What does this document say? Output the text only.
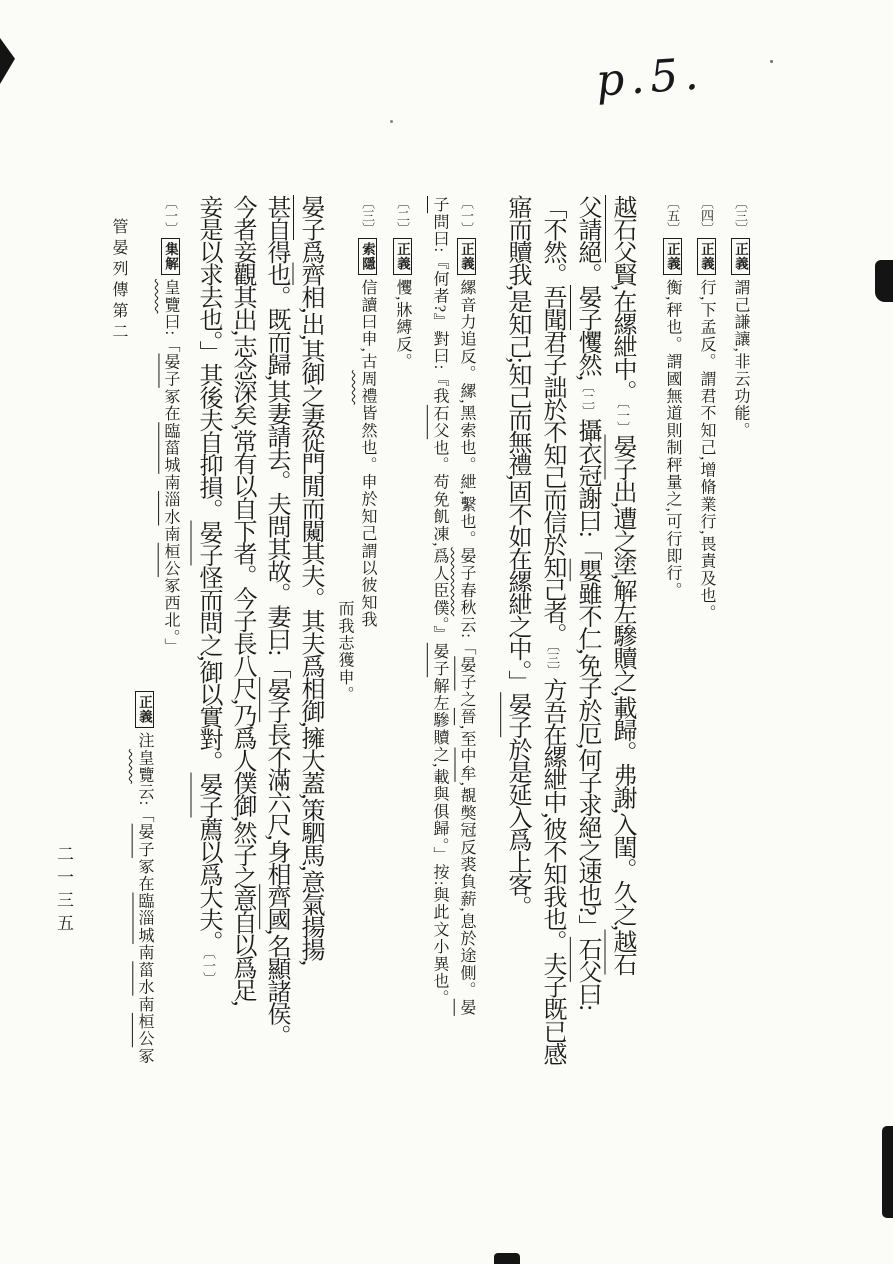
p.5.
〔三〕正義謂己謙讓,非云功能。
〔四〕正義行,下孟反。謂君不知己,增脩業行,畏責及也。
〔五〕正義衡,秤也。謂國無道則制秤量之,可行即行。
越石父賢,在縲紲中。〔一〕晏子出,遭之塗,解左驂贖之,載歸。弗謝,入閨。久之,越石
父請絕。晏子戄然,〔二〕攝衣冠謝曰:「嬰雖不仁,免子於厄,何子求絕之速也?」石父曰:
「不然。吾聞君子詘於不知己而信於知己者。〔三〕方吾在縲紲中,彼不知我也。夫子既已感
寤而贖我,是知己;知己而無禮,固不如在縲紲之中。」晏子於是延入爲上客。
〔一〕正義縲音力追反。縲,黑索也。紲,繫也。晏子春秋云:「晏子之晉,至中牟,覩獘冠反裘負薪,息於途側。晏
子問曰:『何者?』對曰:『我石父也。苟免飢凍,爲人臣僕。』晏子解左驂贖之,載與俱歸。」按:與此文小異也。
〔二〕正義戄,牀縛反。
〔三〕索隱信讀曰申,古周禮皆然也。申於知己謂以彼知我
而我志獲申。
晏子爲齊相,出,其御之妻從門閒而闚其夫。其夫爲相御,擁大蓋,策駟馬,意氣揚揚,
甚自得也。既而歸,其妻請去。夫問其故。妻曰:「晏子長不滿六尺,身相齊國,名顯諸侯。
今者妾觀其出,志念深矣,常有以自下者。今子長八尺,乃爲人僕御,然子之意自以爲足,
妾是以求去也。」其後夫自抑損。晏子怪而問之,御以實對。晏子薦以爲大夫。〔一〕
〔一〕集解皇覽曰:「晏子冢在臨菑城南淄水南桓公冢西北。」
正義注皇覽云:「晏子冢在臨淄城南菑水南桓公冢
管晏列傳第二
二一三五
